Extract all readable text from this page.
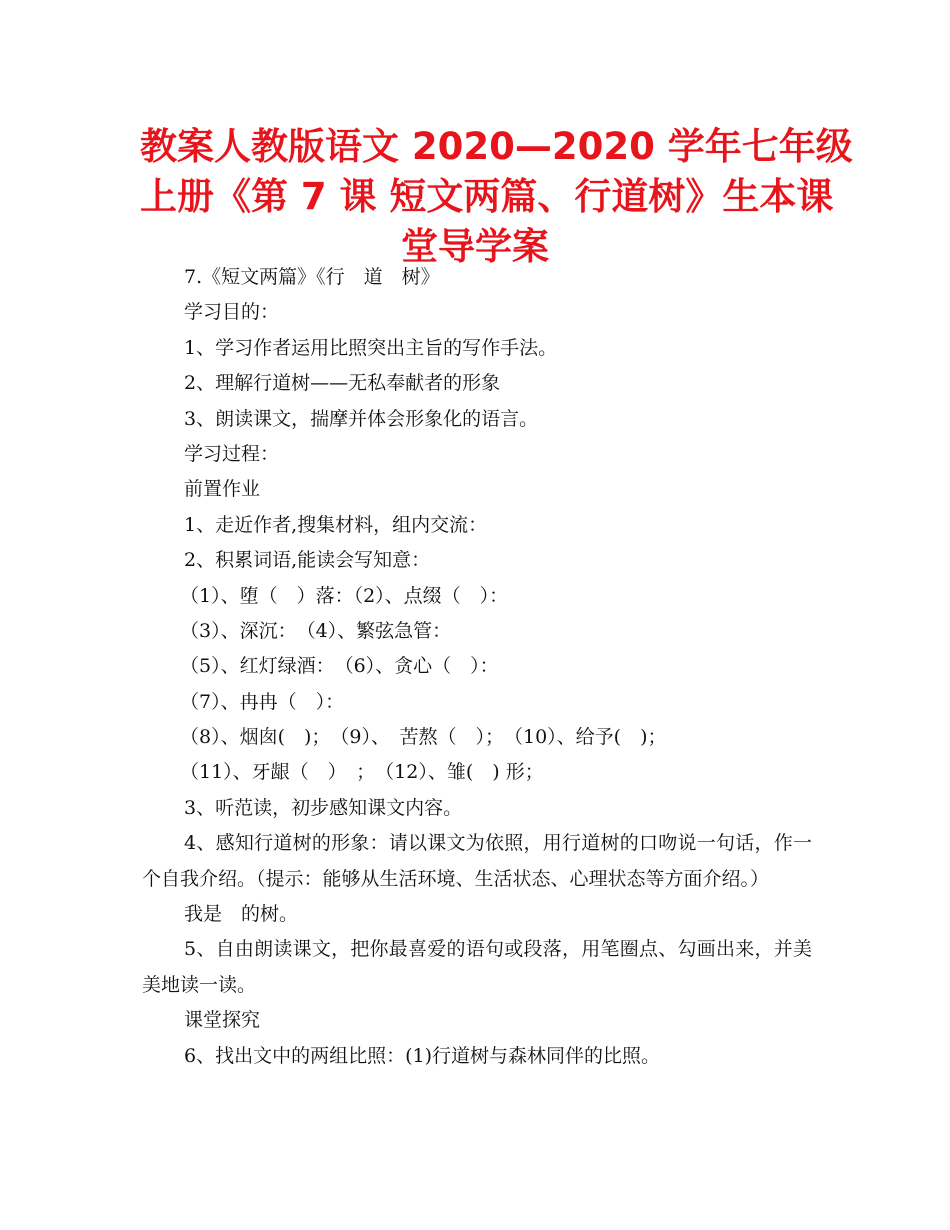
教案人教版语文 2020—2020 学年七年级
上册《第 7 课 短文两篇、行道树》生本课
堂导学案
7.《短文两篇》《行　道　树》
学习目的：
1、学习作者运用比照突出主旨的写作手法。
2、理解行道树——无私奉献者的形象
3、朗读课文，揣摩并体会形象化的语言。
学习过程：
前置作业
1、走近作者,搜集材料，组内交流：
2、积累词语,能读会写知意：
（1）、堕（　）落：（2）、点缀（　）：
（3）、深沉：　（4）、繁弦急管：
（5）、红灯绿酒：　（6）、贪心（　）：
（7）、冉冉（　）：
（8）、烟囱(　)；　（9）、　苦熬（　）；　（10）、给予(　)；
（11）、牙龈（　）　；　（12）、雏(　) 形；
3、听范读，初步感知课文内容。
4、感知行道树的形象：请以课文为依照，用行道树的口吻说一句话，作一个自我介绍。（提示：能够从生活环境、生活状态、心理状态等方面介绍。）
我是　的树。
5、自由朗读课文，把你最喜爱的语句或段落，用笔圈点、勾画出来，并美美地读一读。
课堂探究
6、找出文中的两组比照：(1)行道树与森林同伴的比照。
